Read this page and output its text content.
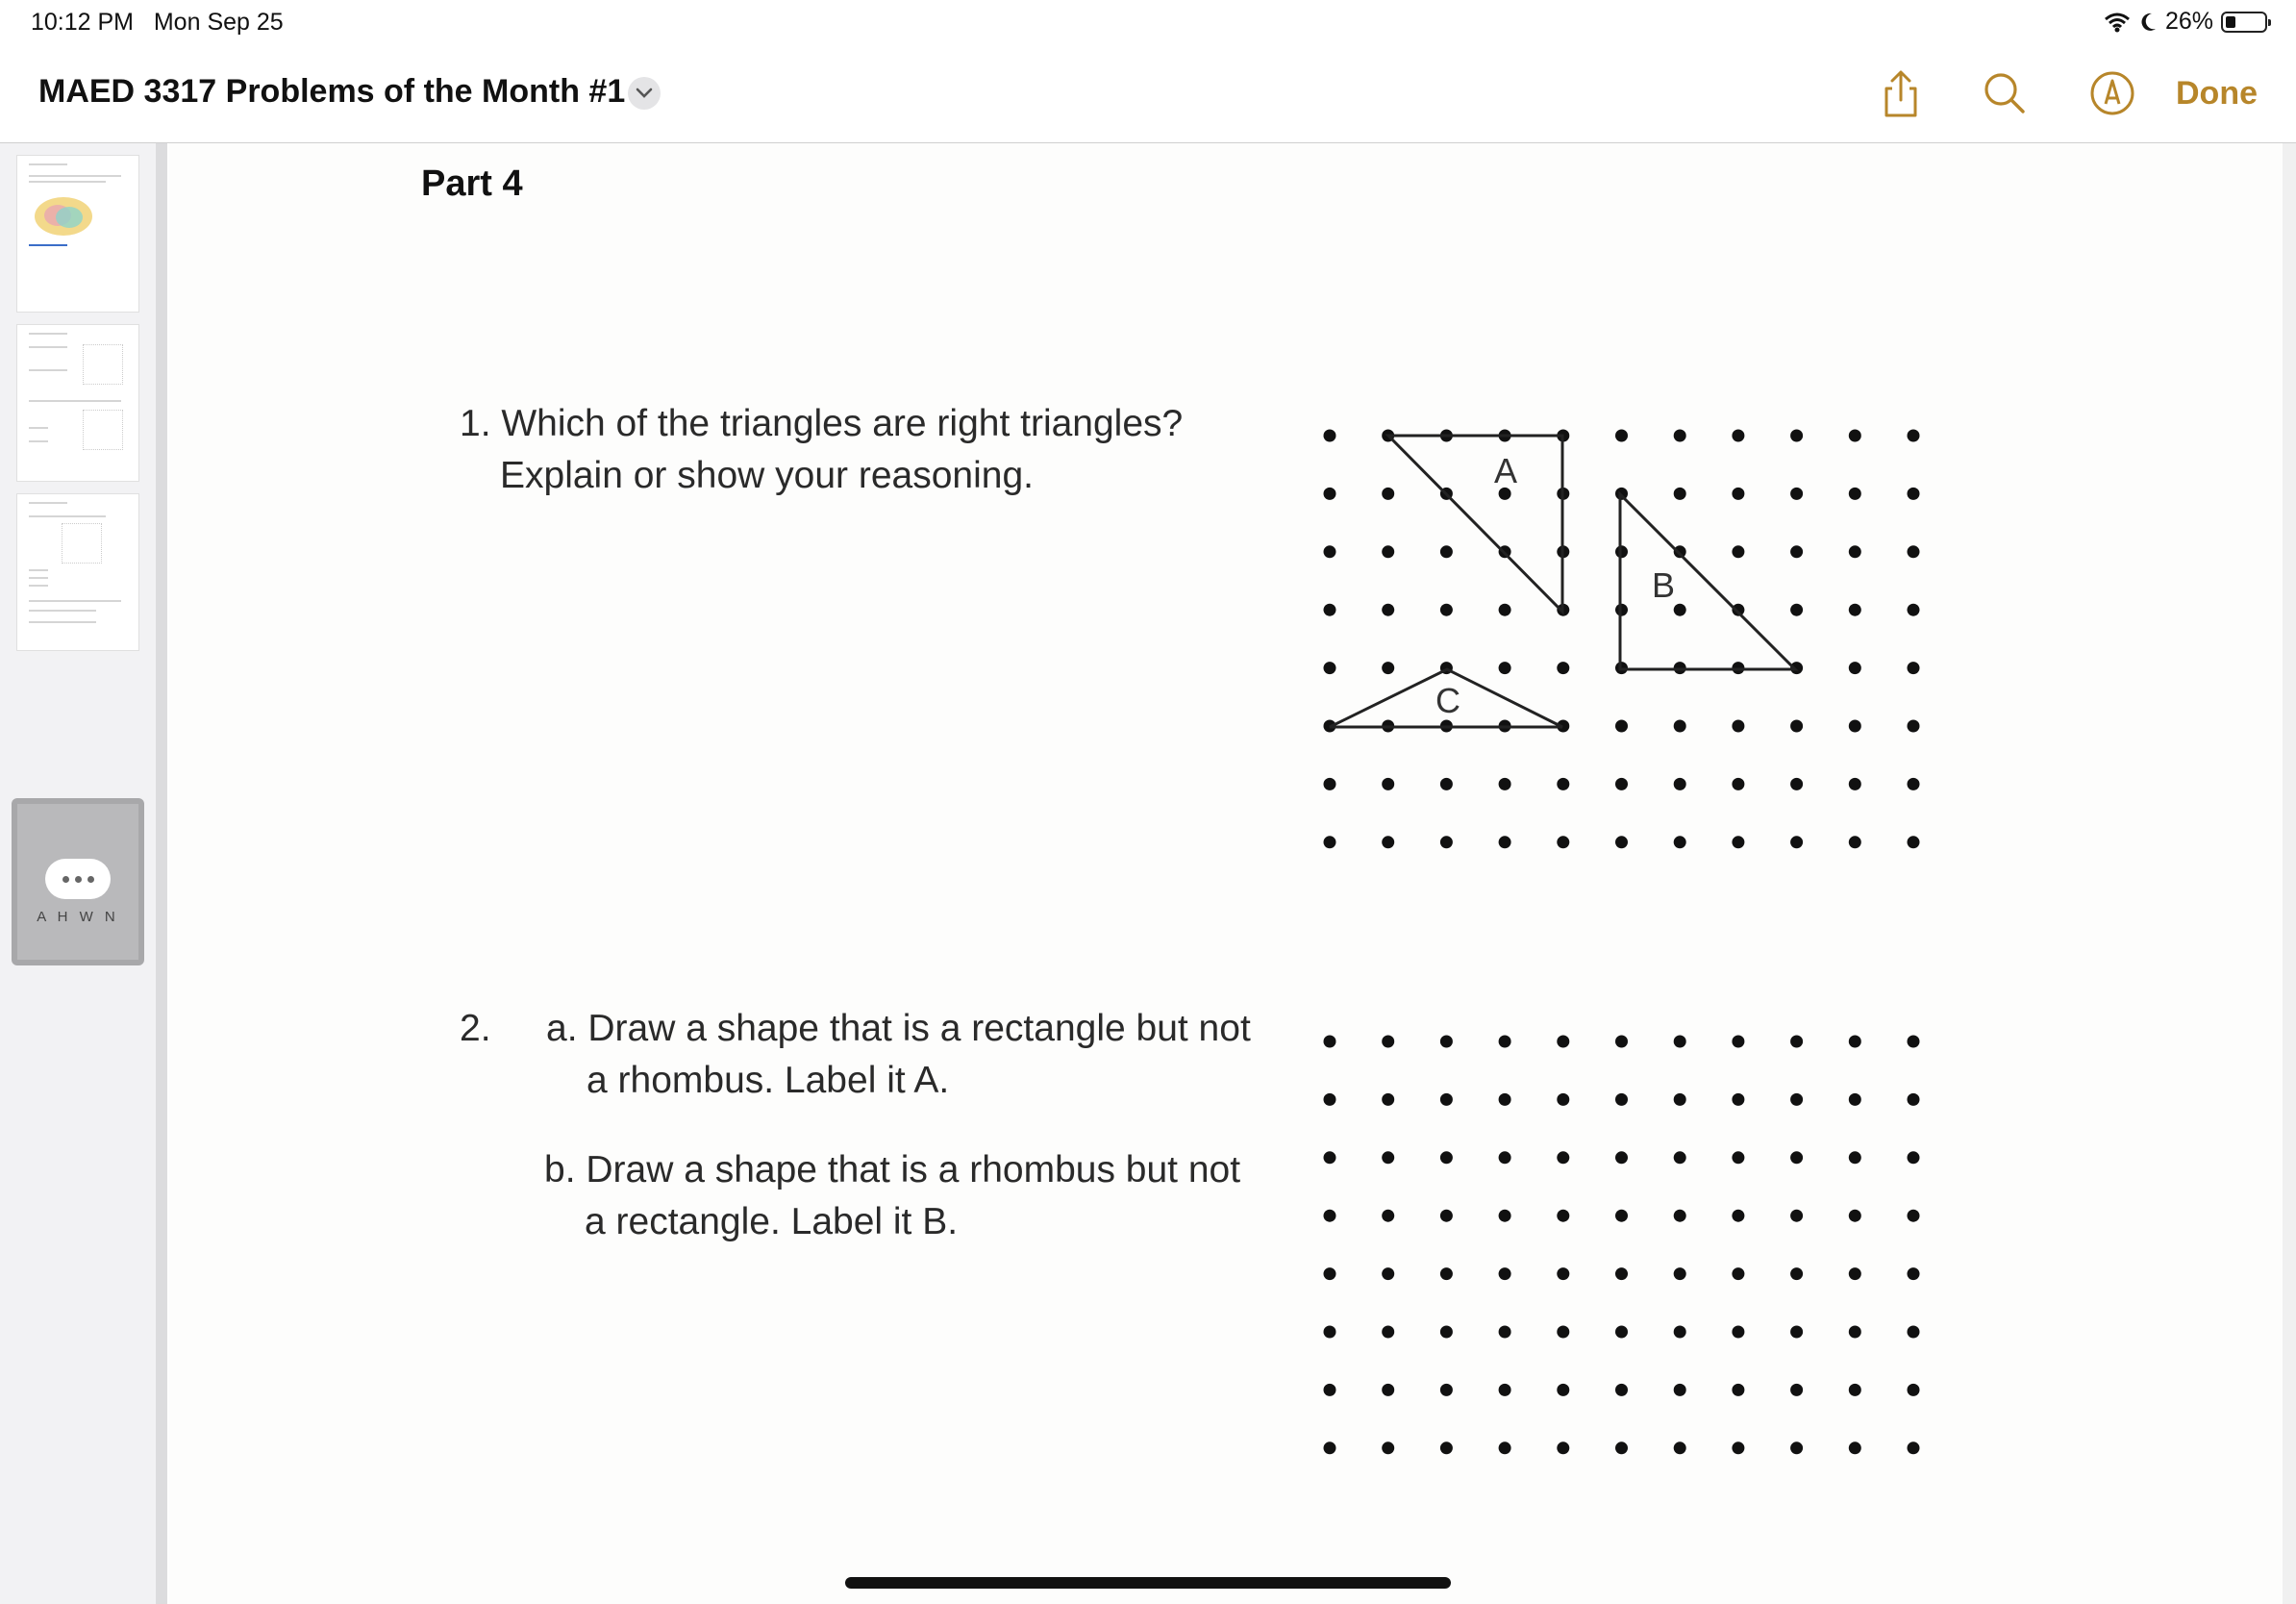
10:12 PM Mon Sep 25	26%
MAED 3317 Problems of the Month #1	Done
A H W N
Part 4
1. Which of the triangles are right triangles?
Explain or show your reasoning.
2. a. Draw a shape that is a rectangle but not
a rhombus. Label it A.
b. Draw a shape that is a rhombus but not
a rectangle. Label it B.
A
B
C
